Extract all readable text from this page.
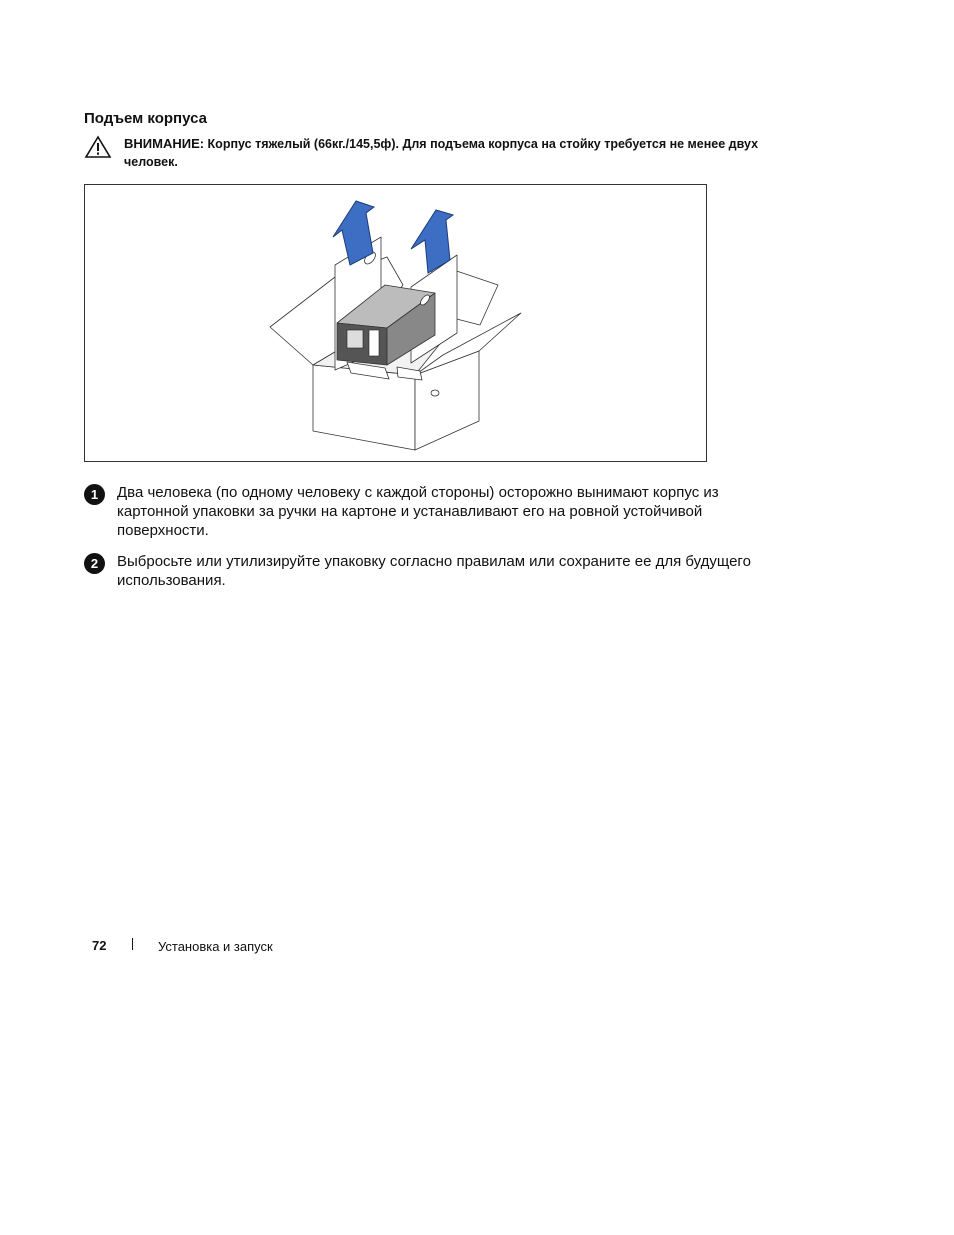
Подъем корпуса
ВНИМАНИЕ: Корпус тяжелый (66кг./145,5ф). Для подъема корпуса на стойку требуется не менее двух человек.
1	Два человека (по одному человеку с каждой стороны) осторожно вынимают корпус из картонной упаковки за ручки на картоне и устанавливают его на ровной устойчивой поверхности.
2	Выбросьте или утилизируйте упаковку согласно правилам или сохраните ее для будущего использования.
72	Установка и запуск
